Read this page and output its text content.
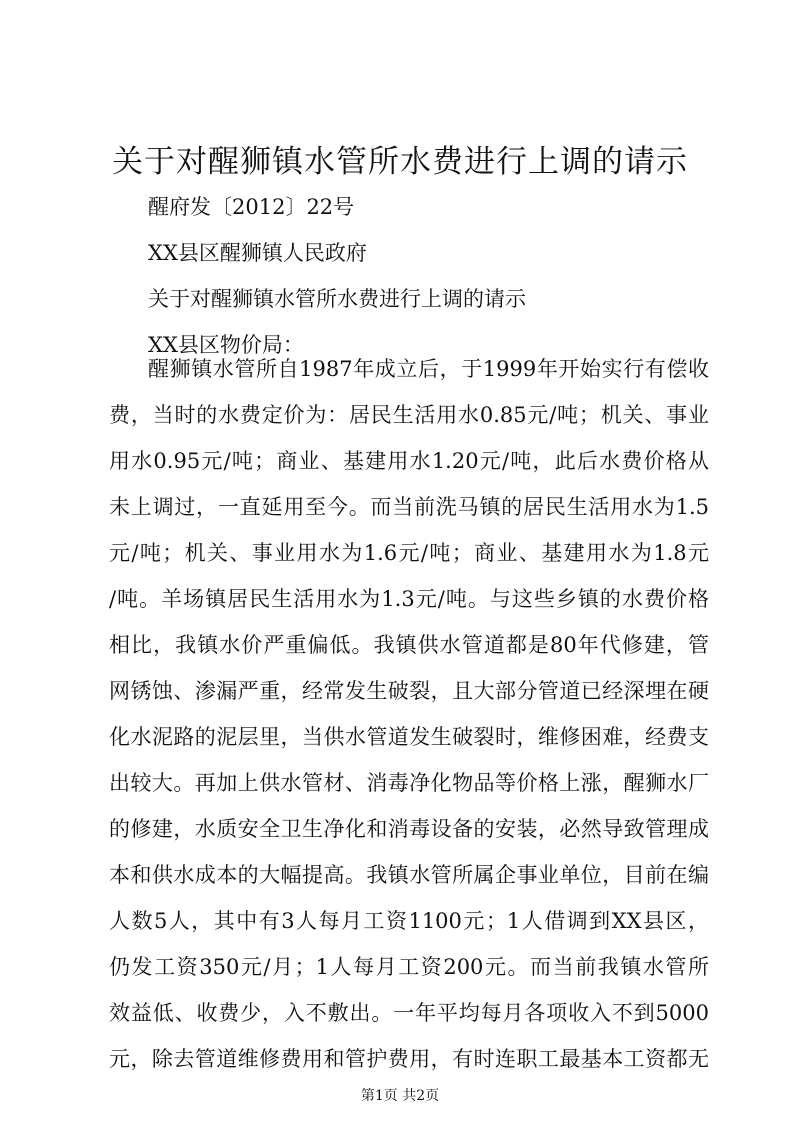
关于对醒狮镇水管所水费进行上调的请示
醒府发〔2012〕22号
XX县区醒狮镇人民政府
关于对醒狮镇水管所水费进行上调的请示
XX县区物价局：
醒狮镇水管所自1987年成立后，于1999年开始实行有偿收
费，当时的水费定价为：居民生活用水0.85元/吨；机关、事业
用水0.95元/吨；商业、基建用水1.20元/吨，此后水费价格从
未上调过，一直延用至今。而当前洗马镇的居民生活用水为1.5
元/吨；机关、事业用水为1.6元/吨；商业、基建用水为1.8元
/吨。羊场镇居民生活用水为1.3元/吨。与这些乡镇的水费价格
相比，我镇水价严重偏低。我镇供水管道都是80年代修建，管
网锈蚀、渗漏严重，经常发生破裂，且大部分管道已经深埋在硬
化水泥路的泥层里，当供水管道发生破裂时，维修困难，经费支
出较大。再加上供水管材、消毒净化物品等价格上涨，醒狮水厂
的修建，水质安全卫生净化和消毒设备的安装，必然导致管理成
本和供水成本的大幅提高。我镇水管所属企事业单位，目前在编
人数5人，其中有3人每月工资1100元；1人借调到XX县区，
仍发工资350元/月；1人每月工资200元。而当前我镇水管所
效益低、收费少，入不敷出。一年平均每月各项收入不到5000
元，除去管道维修费用和管护费用，有时连职工最基本工资都无
第1页 共2页
